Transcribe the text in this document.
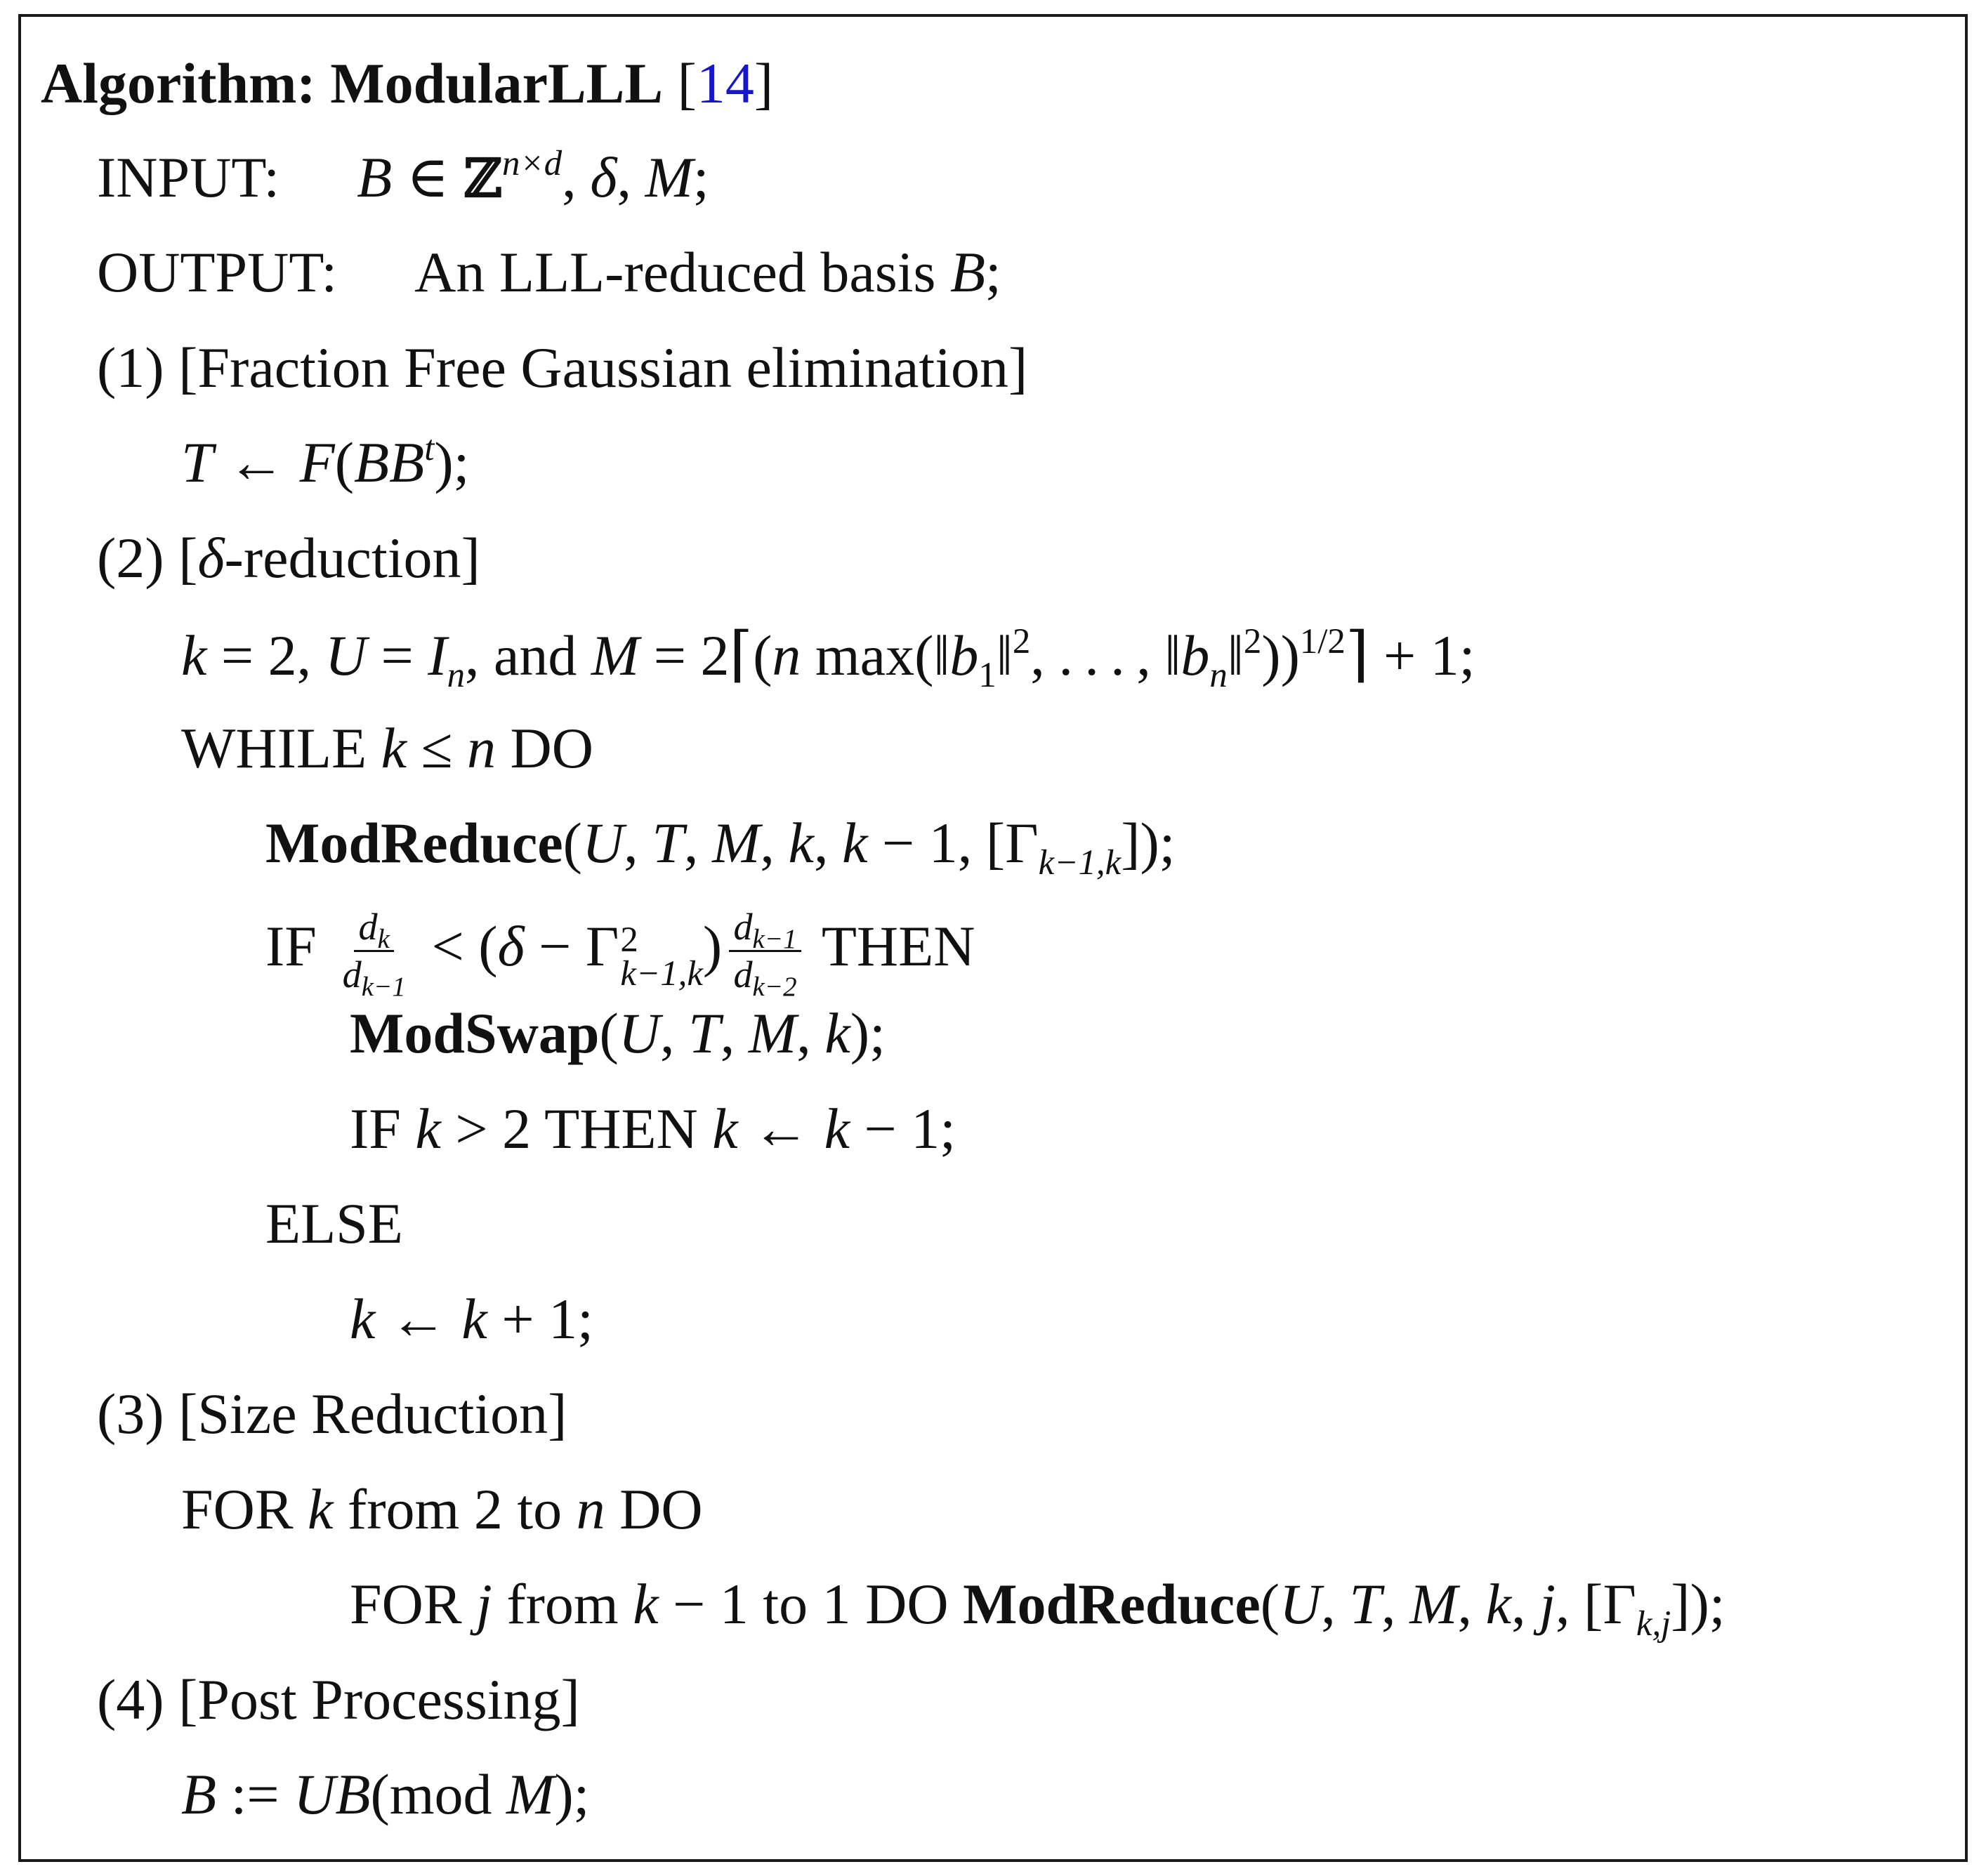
Algorithm: ModularLLL [14]
INPUT: B ∈ ℤ$^{n\times d}$, δ, M;
OUTPUT: An LLL-reduced basis B;
(1) [Fraction Free Gaussian elimination]
T ← $F(BB^t)$;
(2) [δ-reduction]
k = 2, $U = I_n$, and M = 2⌈(n $\max(‖b_1‖^2$, . . . , $‖b_n‖^2))^{1/2}⌉ + 1$;
WHILE k ≤ n DO
ModReduce(U, T, M, k, k − 1, $[\Gamma_{k-1,k}]$);
IF $\frac{d_k}{d_{k-1}} < (\delta - \Gamma$ 2
k−1,k ) $\frac{d_{k-1}}{d_{k-2}}$ THEN
ModSwap(U, T, M, k);
IF k > 2 THEN k ← k − 1;
ELSE
k ← k + 1;
(3) [Size Reduction]
FOR k from 2 to n DO
FOR j from k − 1 to 1 DO ModReduce(U, T, M, k, j, $[\Gamma_{k,j}]$);
(4) [Post Processing]
B := UB(mod M);
